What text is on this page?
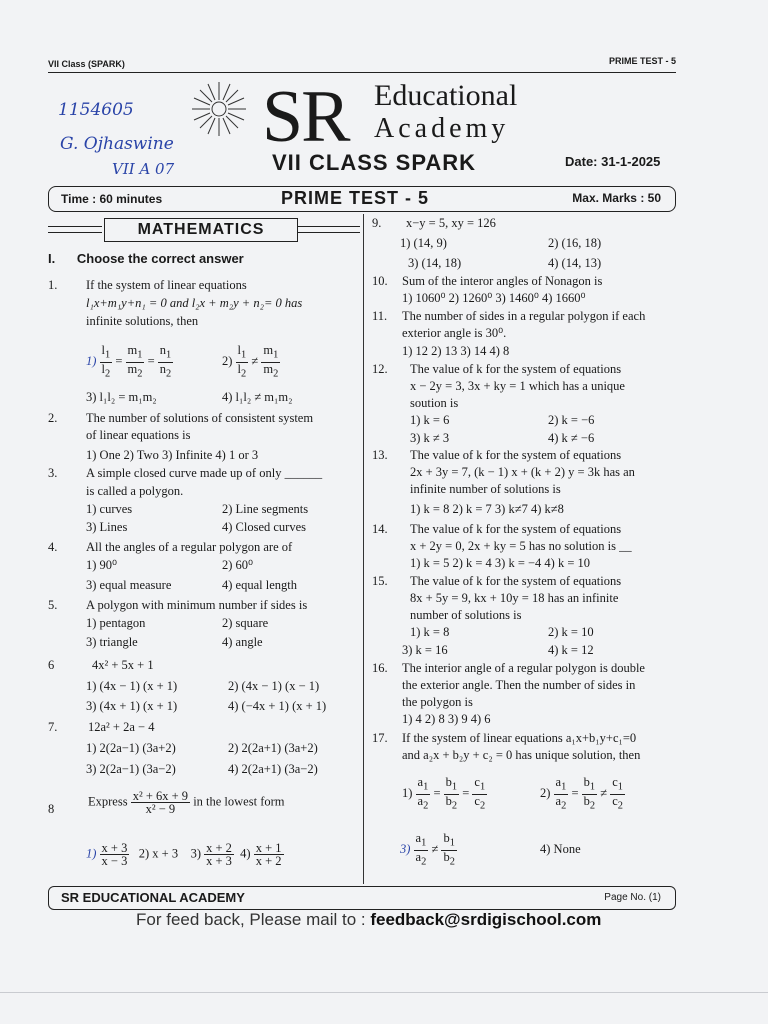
VII Class (SPARK)	PRIME TEST - 5
1154605
G. Ojhaswine
VII A 07
SR Educational
Academy
VII CLASS SPARK	Date: 31-1-2025
Time : 60 minutes	PRIME TEST - 5	Max. Marks : 50
MATHEMATICS
I. Choose the correct answer
1. If the system of linear equations
l₁x+m₁y+n₁ = 0 and l₂x + m₂y + n₂= 0 has
infinite solutions, then
$1) \frac{l_1}{l_2} = \frac{m_1}{m_2} = \frac{n_1}{n_2}$	$2) \frac{l_1}{l_2} \ne \frac{m_1}{m_2}$
3) l₁l₂ = m₁m₂	4) l₁l₂ ≠ m₁m₂
2. The number of solutions of consistent system
of linear equations is
1) One 2) Two 3) Infinite 4) 1 or 3
3. A simple closed curve made up of only ______
is called a polygon.
1) curves	2) Line segments
3) Lines	4) Closed curves
4. All the angles of a regular polygon are of
1) 90⁰	2) 60⁰
3) equal measure	4) equal length
5. A polygon with minimum number if sides is
1) pentagon	2) square
3) triangle	4) angle
6	4x² + 5x + 1
1) (4x − 1) (x + 1)	2) (4x − 1) (x − 1)
3) (4x + 1) (x + 1)	4) (−4x + 1) (x + 1)
7. 12a² + 2a − 4
1) 2(2a−1) (3a+2)	2) 2(2a+1) (3a+2)
3) 2(2a−1) (3a−2)	4) 2(2a+1) (3a−2)
8
Express $\frac{\text{x² + 6x + 9}}{\text{x² − 9}}$ in the lowest form
$1) \frac{x + 3}{x - 3} 2$) x + 3    $3) \frac{x + 2}{x + 3} 4) \frac{x + 1}{x + 2}$
9. x−y = 5, xy = 126
1) (14, 9)	2) (16, 18)
3) (14, 18)	4) (14, 13)
10. Sum of the interor angles of Nonagon is
1) 1060⁰ 2) 1260⁰ 3) 1460⁰ 4) 1660⁰
11. The number of sides in a regular polygon if each
exterior angle is 30⁰.
1) 12 2) 13 3) 14 4) 8
12. The value of k for the system of equations
x − 2y = 3, 3x + ky = 1 which has a unique
soution is
1) k = 6	2) k = −6
3) k ≠ 3	4) k ≠ −6
13. The value of k for the system of equations
2x + 3y = 7, (k − 1) x + (k + 2) y = 3k has an
infinite number of solutions is
1) k = 8 2) k = 7 3) k≠7 4) k≠8
14. The value of k for the system of equations
x + 2y = 0, 2x + ky = 5 has no solution is __
1) k = 5 2) k = 4 3) k = −4 4) k = 10
15. The value of k for the system of equations
8x + 5y = 9, kx + 10y = 18 has an infinite
number of solutions is
1) k = 8	2) k = 10
3) k = 16	4) k = 12
16. The interior angle of a regular polygon is double
the exterior angle. Then the number of sides in
the polygon is
1) 4 2) 8 3) 9 4) 6
17. If the system of linear equations a₁x+b₁y+c₁=0
and a₂x + b₂y + c₂ = 0 has unique solution, then
$1) \frac{a_1}{a_2} = \frac{b_1}{b_2} = \frac{c_1}{c_2}$	$2) \frac{a_1}{a_2} = \frac{b_1}{b_2} \ne \frac{c_1}{c_2}$
$3) \frac{a_1}{a_2} \ne \frac{b_1}{b_2}$	4) None
SR EDUCATIONAL ACADEMY	Page No. (1)
For feed back, Please mail to : feedback@srdigischool.com
